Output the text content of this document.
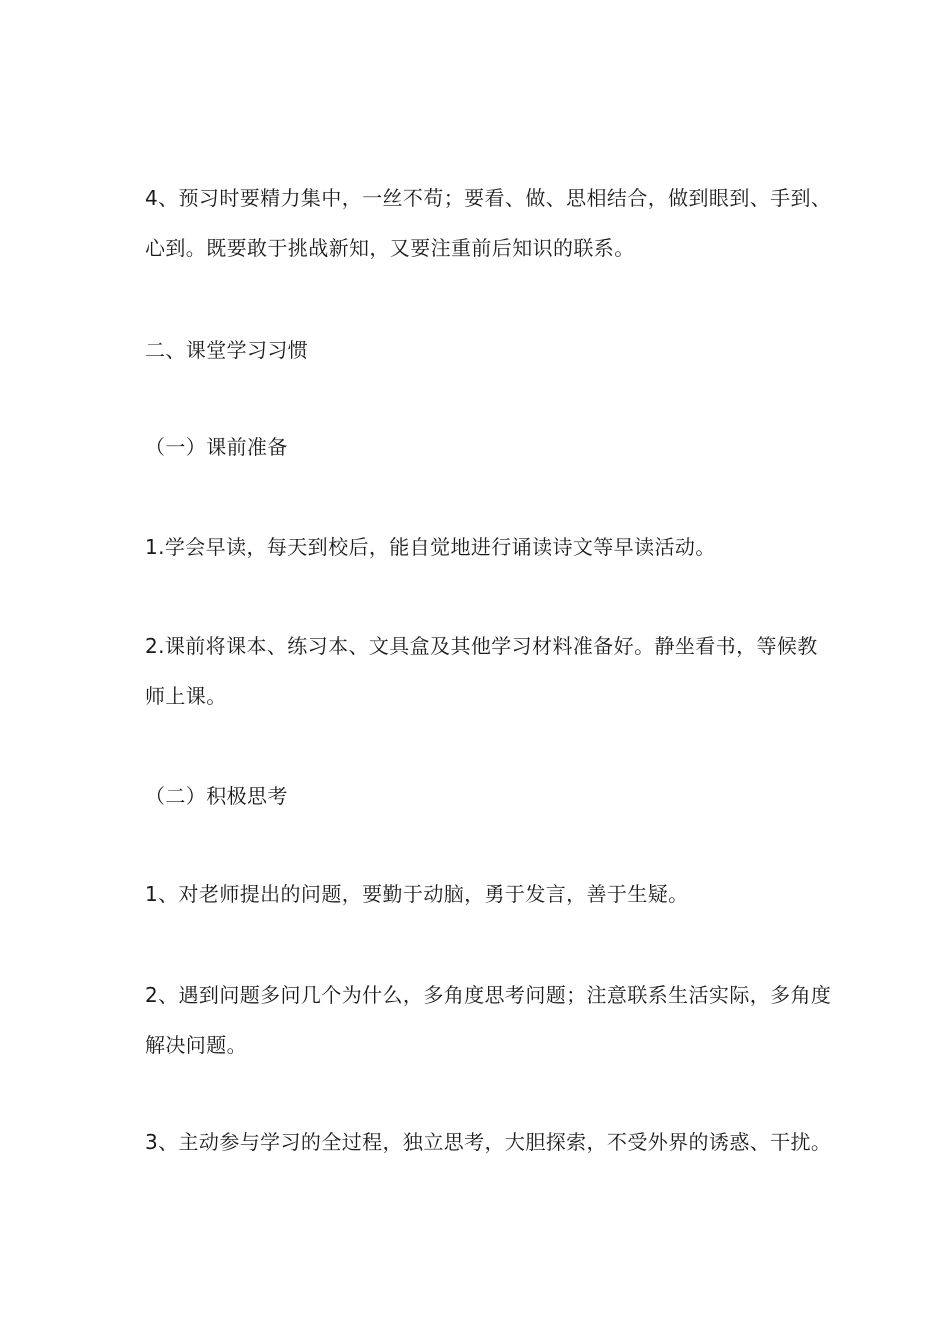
4、预习时要精力集中，一丝不苟；要看、做、思相结合，做到眼到、手到、心到。既要敢于挑战新知，又要注重前后知识的联系。

二、课堂学习习惯

（一）课前准备

1.学会早读，每天到校后，能自觉地进行诵读诗文等早读活动。

2.课前将课本、练习本、文具盒及其他学习材料准备好。静坐看书，等候教师上课。

（二）积极思考

1、对老师提出的问题，要勤于动脑，勇于发言，善于生疑。

2、遇到问题多问几个为什么，多角度思考问题；注意联系生活实际，多角度解决问题。

3、主动参与学习的全过程，独立思考，大胆探索，不受外界的诱惑、干扰。
